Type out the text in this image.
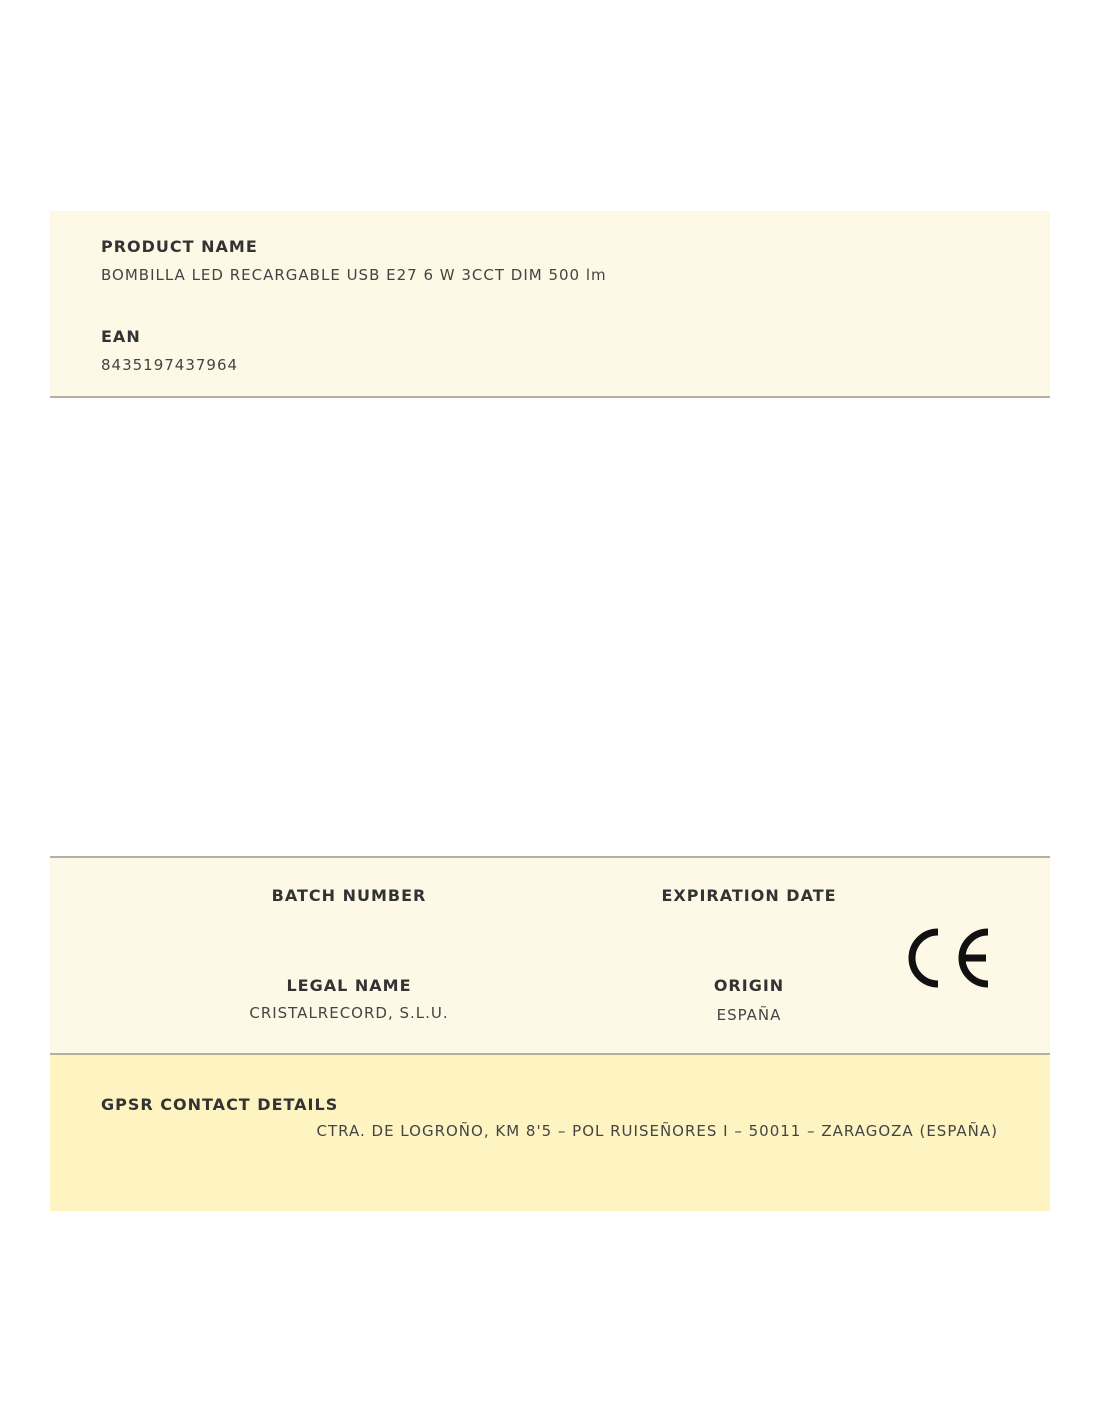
PRODUCT NAME
BOMBILLA LED RECARGABLE USB E27 6 W 3CCT DIM 500 lm
EAN
8435197437964
BATCH NUMBER	EXPIRATION DATE
LEGAL NAME
CRISTALRECORD, S.L.U.
ORIGIN
ESPAÑA
GPSR CONTACT DETAILS
CTRA. DE LOGROÑO, KM 8'5 – POL RUISEÑORES I – 50011 – ZARAGOZA (ESPAÑA)
